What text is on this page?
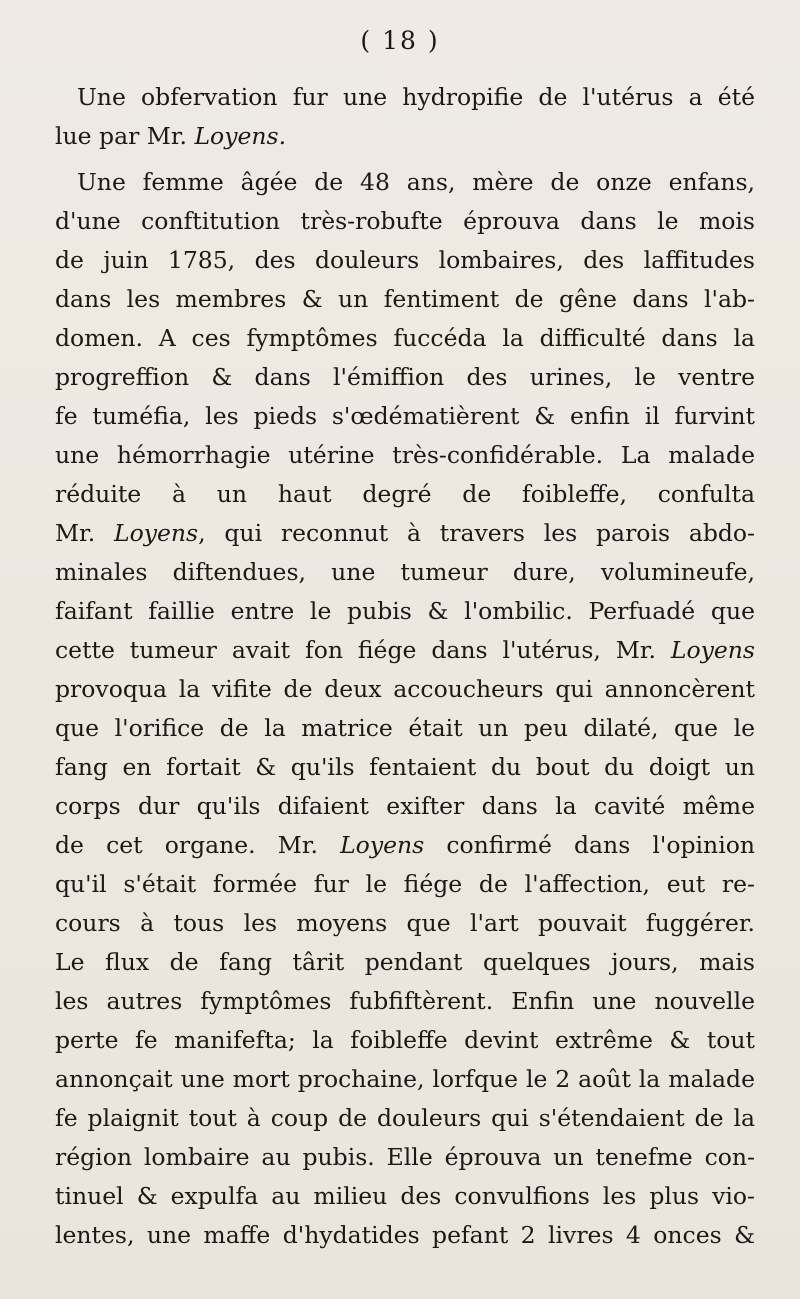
( 18 )
Une obfervation fur une hydropifie de l'utérus a été
lue par Mr. Loyens.
Une femme âgée de 48 ans, mère de onze enfans,
d'une conftitution très-robufte éprouva dans le mois
de juin 1785, des douleurs lombaires, des laffitudes
dans les membres & un fentiment de gêne dans l'ab-
domen. A ces fymptômes fuccéda la difficulté dans la
progreffion & dans l'émiffion des urines, le ventre
fe tuméfia, les pieds s'œdématièrent & enfin il furvint
une hémorrhagie utérine très-confidérable. La malade
réduite à un haut degré de foibleffe, confulta
Mr. Loyens, qui reconnut à travers les parois abdo-
minales diftendues, une tumeur dure, volumineufe,
faifant faillie entre le pubis & l'ombilic. Perfuadé que
cette tumeur avait fon fiége dans l'utérus, Mr. Loyens
provoqua la vifite de deux accoucheurs qui annoncèrent
que l'orifice de la matrice était un peu dilaté, que le
fang en fortait & qu'ils fentaient du bout du doigt un
corps dur qu'ils difaient exifter dans la cavité même
de cet organe. Mr. Loyens confirmé dans l'opinion
qu'il s'était formée fur le fiége de l'affection, eut re-
cours à tous les moyens que l'art pouvait fuggérer.
Le flux de fang târit pendant quelques jours, mais
les autres fymptômes fubfiftèrent. Enfin une nouvelle
perte fe manifefta; la foibleffe devint extrême & tout
annonçait une mort prochaine, lorfque le 2 août la malade
fe plaignit tout à coup de douleurs qui s'étendaient de la
région lombaire au pubis. Elle éprouva un tenefme con-
tinuel & expulfa au milieu des convulfions les plus vio-
lentes, une maffe d'hydatides pefant 2 livres 4 onces &
